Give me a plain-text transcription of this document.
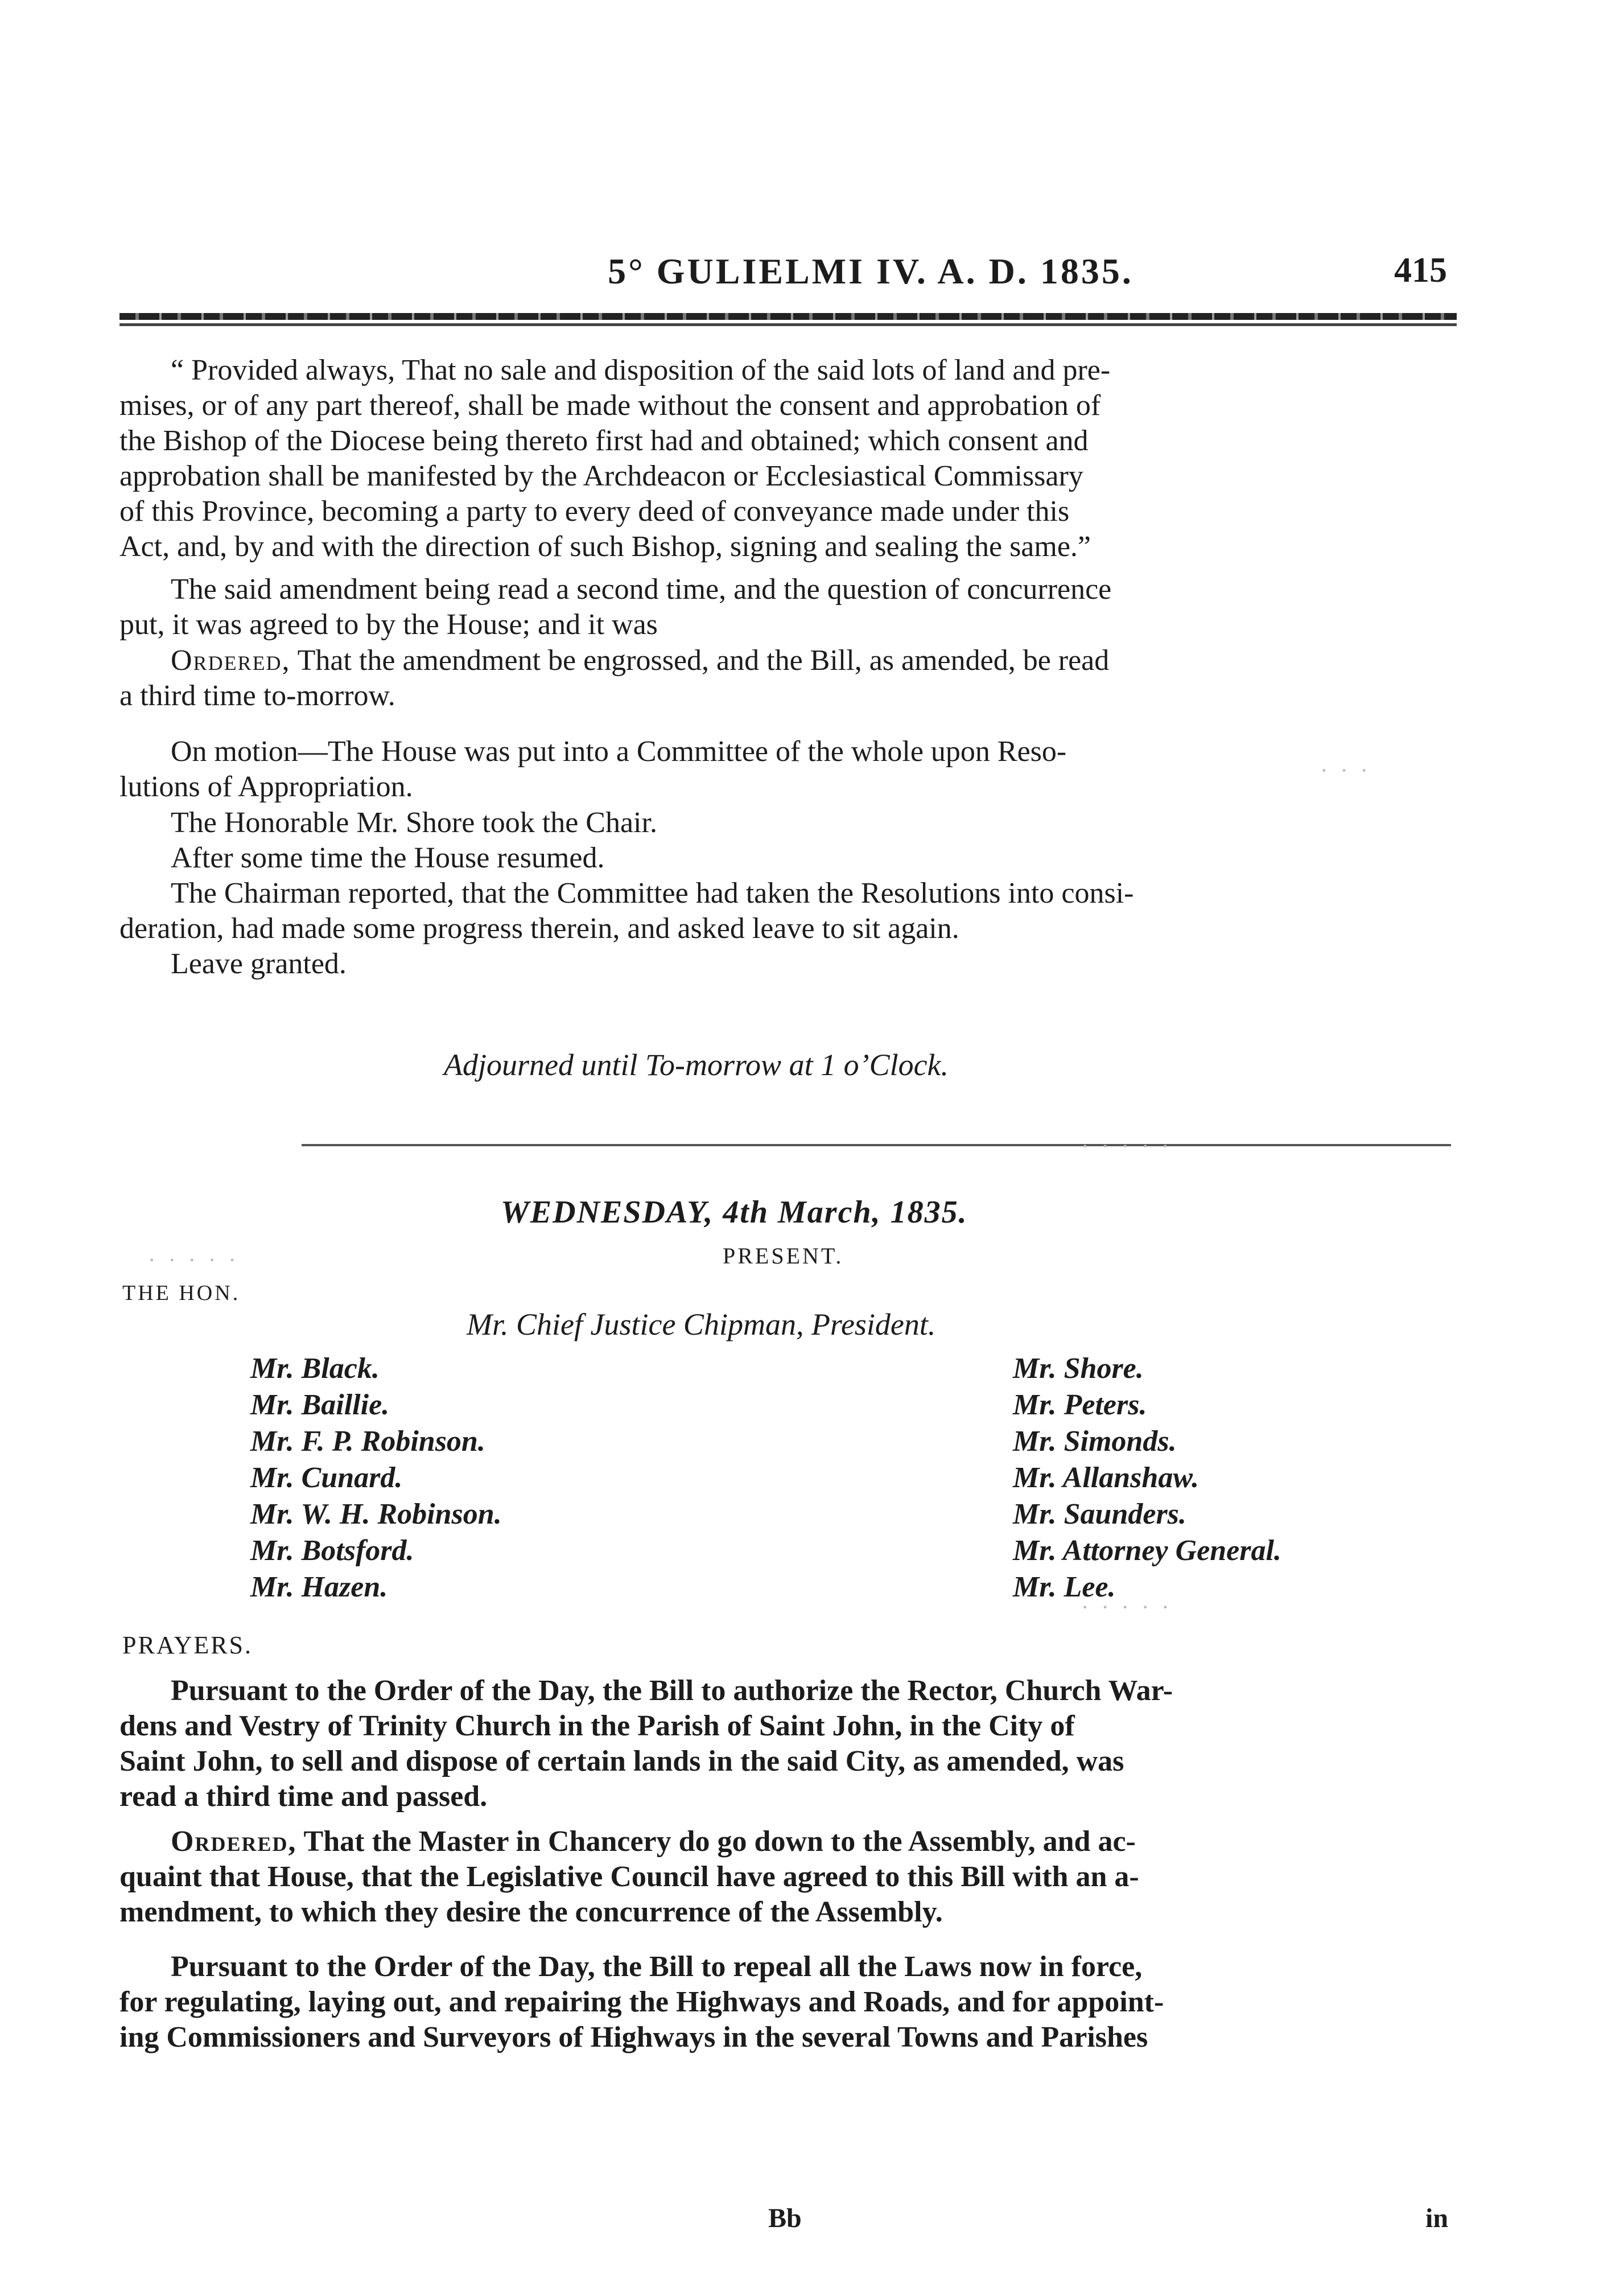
5° GULIELMI IV. A. D. 1835.	415
“ Provided always, That no sale and disposition of the said lots of land and pre-
mises, or of any part thereof, shall be made without the consent and approbation of
the Bishop of the Diocese being thereto first had and obtained; which consent and
approbation shall be manifested by the Archdeacon or Ecclesiastical Commissary
of this Province, becoming a party to every deed of conveyance made under this
Act, and, by and with the direction of such Bishop, signing and sealing the same.”
The said amendment being read a second time, and the question of concurrence
put, it was agreed to by the House; and it was
Ordered, That the amendment be engrossed, and the Bill, as amended, be read
a third time to-morrow.
On motion—The House was put into a Committee of the whole upon Reso-
lutions of Appropriation.
The Honorable Mr. Shore took the Chair.
After some time the House resumed.
The Chairman reported, that the Committee had taken the Resolutions into consi-
deration, had made some progress therein, and asked leave to sit again.
Leave granted.
Adjourned until To-morrow at 1 o’Clock.
WEDNESDAY, 4th March, 1835.
PRESENT.
THE HON.
Mr. Chief Justice Chipman, President.
Mr. Black.
Mr. Baillie.
Mr. F. P. Robinson.
Mr. Cunard.
Mr. W. H. Robinson.
Mr. Botsford.
Mr. Hazen.
Mr. Shore.
Mr. Peters.
Mr. Simonds.
Mr. Allanshaw.
Mr. Saunders.
Mr. Attorney General.
Mr. Lee.
PRAYERS.
Pursuant to the Order of the Day, the Bill to authorize the Rector, Church War-
dens and Vestry of Trinity Church in the Parish of Saint John, in the City of
Saint John, to sell and dispose of certain lands in the said City, as amended, was
read a third time and passed.
Ordered, That the Master in Chancery do go down to the Assembly, and ac-
quaint that House, that the Legislative Council have agreed to this Bill with an a-
mendment, to which they desire the concurrence of the Assembly.
Pursuant to the Order of the Day, the Bill to repeal all the Laws now in force,
for regulating, laying out, and repairing the Highways and Roads, and for appoint-
ing Commissioners and Surveyors of Highways in the several Towns and Parishes
Bb	in
· · ·
· · · · ·
· · · · ·
· · · · ·
